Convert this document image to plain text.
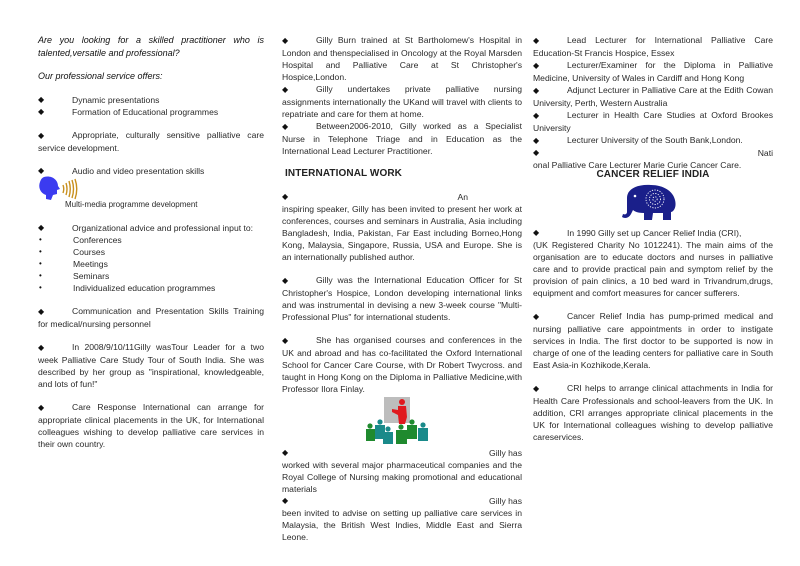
Are you looking for a skilled practitioner who is talented,versatile and professional?

Our professional service offers:

◆	Dynamic presentations
◆	Formation of Educational programmes

◆	Appropriate, culturally sensitive palliative care service development.

◆	Audio and video presentation skills

Multi-media programme development

◆	Organizational advice and professional input to:
•	Conferences
•	Courses
•	Meetings
•	Seminars
•	Individualized education programmes

◆	Communication and Presentation Skills Training for medical/nursing personnel

◆	In 2008/9/10/11Gilly wasTour Leader for a two week Palliative Care Study Tour of South India. She was described by her group as "inspirational, knowledgeable, and lots of fun!"

◆	Care Response International can arrange for appropriate clinical placements in the UK, for International colleagues wishing to develop palliative care services in their own country.

◆	Gilly Burn trained at St Bartholomew's Hospital in London and thenspecialised in Oncology at the Royal Marsden Hospital and Palliative Care at St Christopher's Hospice,London.

◆	Gilly undertakes private palliative nursing assignments internationally the UKand will travel with clients to repatriate and care for them at home.

◆	Between2006-2010, Gilly worked as a Specialist Nurse in Telephone Triage and in Education as the International Lead Lecturer Practitioner.

INTERNATIONAL WORK
◆	An

inspiring speaker, Gilly has been invited to present her work at conferences, courses and seminars in Australia, Asia including Bangladesh, India, Pakistan, Far East including Borneo,Hong Kong, Malaysia, Singapore, Russia, USA and Europe. She is an internationally published author.

◆	Gilly was the International Education Officer for St Christopher's Hospice, London developing international links and was instrumental in devising a new 3-week course "Multi-Professional Plus" for international students.

◆	She has organised courses and conferences in the UK and abroad and has co-facilitated the Oxford International School for Cancer Care Course, with Dr Robert Twycross. and taught in Hong Kong on the Diploma in Palliative Medicine,with Professor Ilora Finlay.

◆	Gilly has

worked with several major pharmaceutical companies and the Royal College of Nursing making promotional and educational materials

◆	Gilly has

been invited to advise on setting up palliative care services in Malaysia, the British West Indies, Middle East and Sierra Leone.

◆	Lead Lecturer for International Palliative Care Education-St Francis Hospice, Essex

◆	Lecturer/Examiner for the Diploma in Palliative Medicine, University of Wales in Cardiff and Hong Kong

◆	Adjunct Lecturer in Palliative Care at the Edith Cowan University, Perth, Western Australia

◆	Lecturer in Health Care Studies at Oxford Brookes University

◆	Lecturer University of the South Bank,London.

◆	Nati

onal Palliative Care Lecturer Marie Curie Cancer Care.

CANCER RELIEF INDIA
◆	In 1990 Gilly set up Cancer Relief India (CRI),

(UK Registered Charity No 1012241). The main aims of the organisation are to educate doctors and nurses in palliative care and to provide practical pain and symptom relief by the provision of pain clinics, a 10 bed ward in Trivandrum,drugs, equipment and comfort measures for cancer sufferers.

◆	Cancer Relief India has pump-primed medical and nursing palliative care appointments in order to instigate services in India. The first doctor to be supported is now in charge of one of the leading centers for palliative care in South East Asia-in Kozhikode,Kerala.

◆	CRI helps to arrange clinical attachments in India for Health Care Professionals and school-leavers from the UK. In addition, CRI arranges appropriate clinical placements in the UK for International colleagues wishing to develop palliative careservices.
